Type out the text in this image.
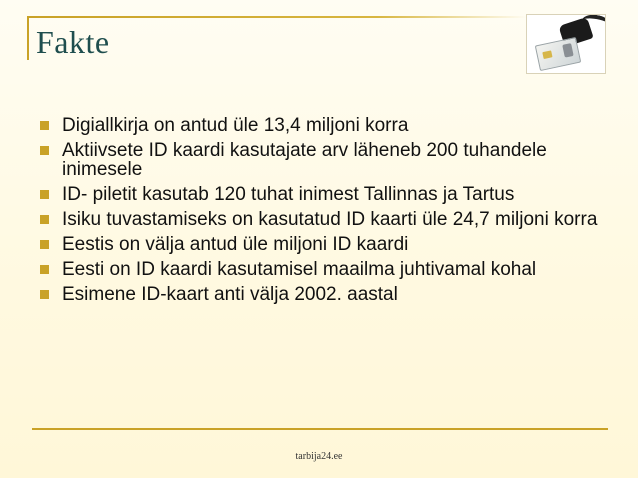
Fakte
Digiallkirja on antud üle 13,4 miljoni korra
Aktiivsete ID kaardi kasutajate arv läheneb 200 tuhandele inimesele
ID- piletit kasutab 120 tuhat inimest Tallinnas ja Tartus
Isiku tuvastamiseks on kasutatud ID kaarti üle 24,7 miljoni korra
Eestis on välja antud üle miljoni ID kaardi
Eesti on ID kaardi kasutamisel maailma juhtivamal kohal
Esimene ID-kaart anti välja 2002. aastal
tarbija24.ee
